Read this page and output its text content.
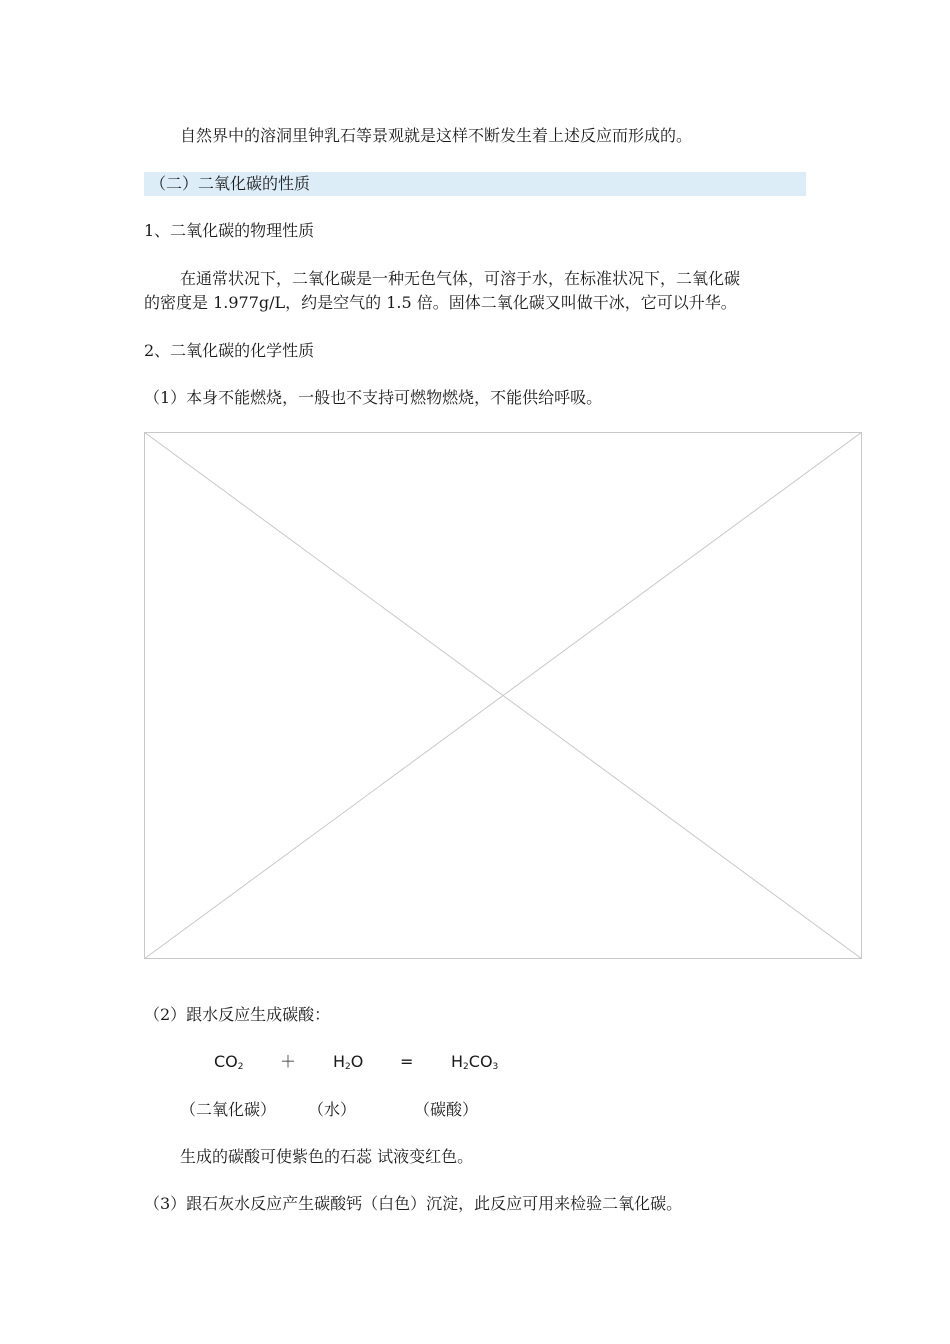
自然界中的溶洞里钟乳石等景观就是这样不断发生着上述反应而形成的。
（二）二氧化碳的性质
1、二氧化碳的物理性质
在通常状况下，二氧化碳是一种无色气体，可溶于水，在标准状况下，二氧化碳
的密度是 1.977g/L，约是空气的 1.5 倍。固体二氧化碳又叫做干冰，它可以升华。
2、二氧化碳的化学性质
（1）本身不能燃烧，一般也不支持可燃物燃烧，不能供给呼吸。
（2）跟水反应生成碳酸：
$CO_2 + H_2O = H_2CO_3$
（二氧化碳） （水）	（碳酸）
生成的碳酸可使紫色的石蕊 试液变红色。
（3）跟石灰水反应产生碳酸钙（白色）沉淀，此反应可用来检验二氧化碳。
